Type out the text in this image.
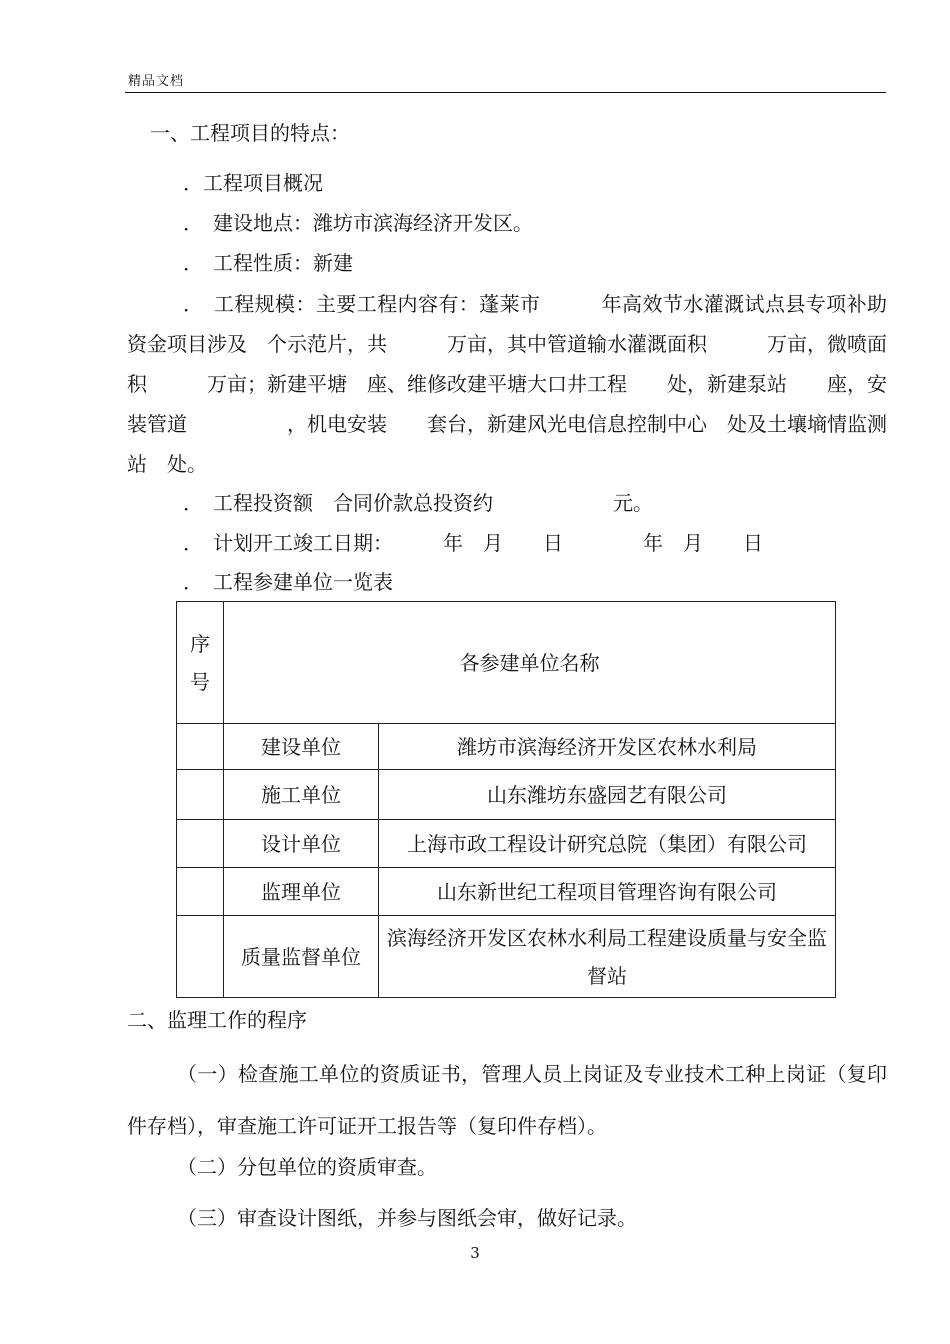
精品文档
一、工程项目的特点：
．工程项目概况
．　建设地点：潍坊市滨海经济开发区。
．　工程性质：新建
．　工程规模：主要工程内容有：蓬莱市　　　年高效节水灌溉试点县专项补助资金项目涉及　个示范片，共　　　万亩，其中管道输水灌溉面积　　　万亩，微喷面积　　　万亩；新建平塘　座、维修改建平塘大口井工程　　处，新建泵站　　座，安装管道　　　　　，机电安装　　套台，新建风光电信息控制中心　处及土壤墒情监测站　处。
．　工程投资额　合同价款总投资约　　　　　　元。
．　计划开工竣工日期：　　　年　月　　日　　　　年　月　　日
．　工程参建单位一览表
序号	各参建单位名称	
	建设单位	潍坊市滨海经济开发区农林水利局
	施工单位	山东潍坊东盛园艺有限公司
	设计单位	上海市政工程设计研究总院（集团）有限公司
	监理单位	山东新世纪工程项目管理咨询有限公司
	质量监督单位	滨海经济开发区农林水利局工程建设质量与安全监督站
二、监理工作的程序
（一）检查施工单位的资质证书，管理人员上岗证及专业技术工种上岗证（复印件存档），审查施工许可证开工报告等（复印件存档）。
（二）分包单位的资质审查。
（三）审查设计图纸，并参与图纸会审，做好记录。
3
